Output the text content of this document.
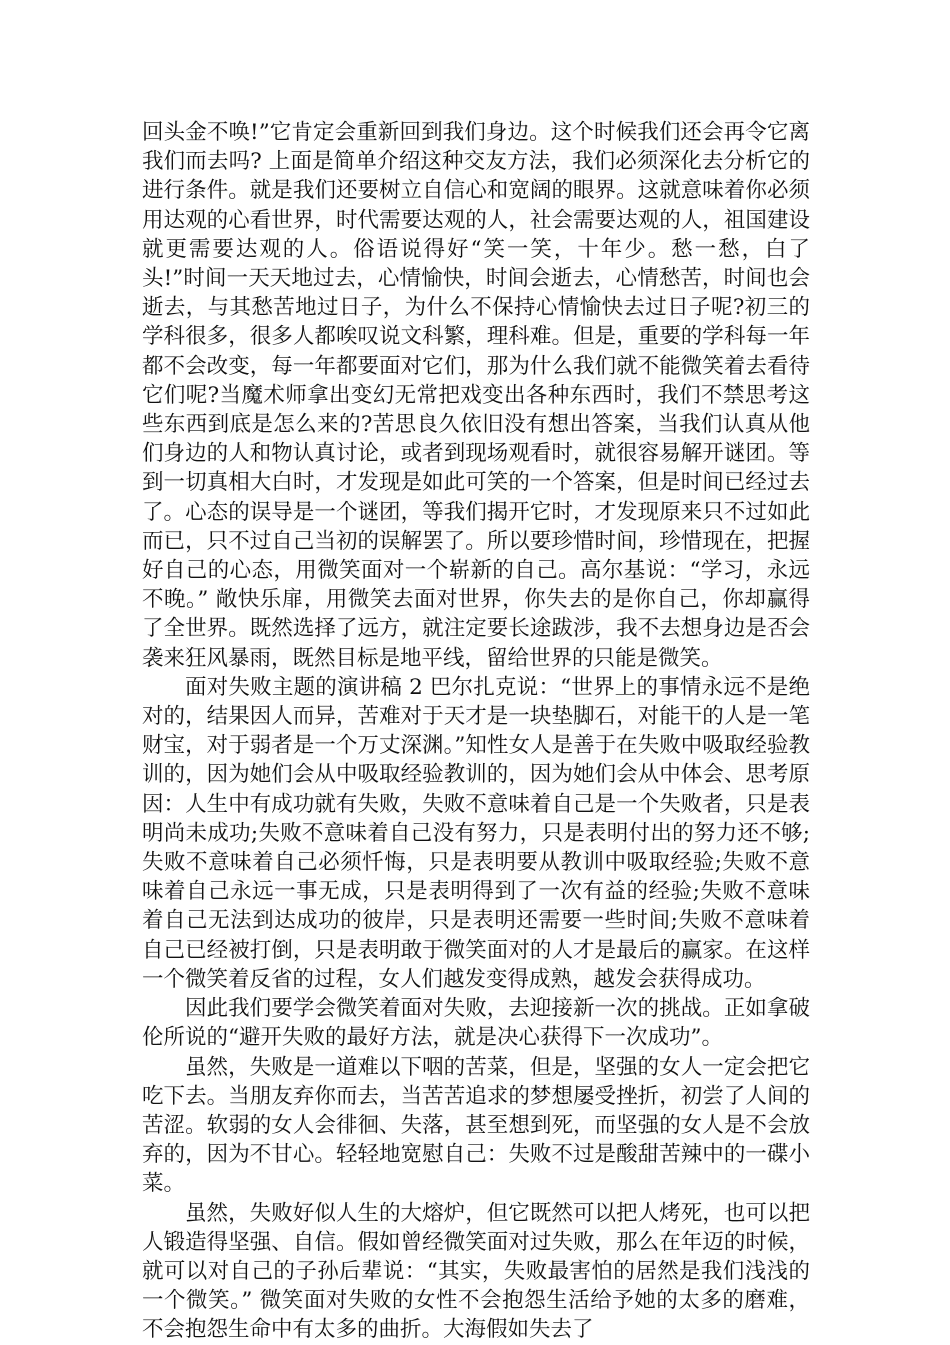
回头金不唤!”它肯定会重新回到我们身边。这个时候我们还会再令它离我们而去吗? 上面是简单介绍这种交友方法，我们必须深化去分析它的进行条件。就是我们还要树立自信心和宽阔的眼界。这就意味着你必须用达观的心看世界，时代需要达观的人，社会需要达观的人，祖国建设就更需要达观的人。俗语说得好“笑一笑，十年少。愁一愁，白了头!”时间一天天地过去，心情愉快，时间会逝去，心情愁苦，时间也会逝去，与其愁苦地过日子，为什么不保持心情愉快去过日子呢?初三的学科很多，很多人都唉叹说文科繁，理科难。但是，重要的学科每一年都不会改变，每一年都要面对它们，那为什么我们就不能微笑着去看待它们呢?当魔术师拿出变幻无常把戏变出各种东西时，我们不禁思考这些东西到底是怎么来的?苦思良久依旧没有想出答案，当我们认真从他们身边的人和物认真讨论，或者到现场观看时，就很容易解开谜团。等到一切真相大白时，才发现是如此可笑的一个答案，但是时间已经过去了。心态的误导是一个谜团，等我们揭开它时，才发现原来只不过如此而已，只不过自己当初的误解罢了。所以要珍惜时间，珍惜现在，把握好自己的心态，用微笑面对一个崭新的自己。高尔基说：“学习，永远不晚。” 敞快乐扉，用微笑去面对世界，你失去的是你自己，你却赢得了全世界。既然选择了远方，就注定要长途跋涉，我不去想身边是否会袭来狂风暴雨，既然目标是地平线，留给世界的只能是微笑。

面对失败主题的演讲稿 2 巴尔扎克说：“世界上的事情永远不是绝对的，结果因人而异，苦难对于天才是一块垫脚石，对能干的人是一笔财宝，对于弱者是一个万丈深渊。”知性女人是善于在失败中吸取经验教训的，因为她们会从中吸取经验教训的，因为她们会从中体会、思考原因：人生中有成功就有失败，失败不意味着自己是一个失败者，只是表明尚未成功;失败不意味着自己没有努力，只是表明付出的努力还不够;失败不意味着自己必须忏悔，只是表明要从教训中吸取经验;失败不意味着自己永远一事无成，只是表明得到了一次有益的经验;失败不意味着自己无法到达成功的彼岸，只是表明还需要一些时间;失败不意味着自己已经被打倒，只是表明敢于微笑面对的人才是最后的赢家。在这样一个微笑着反省的过程，女人们越发变得成熟，越发会获得成功。

因此我们要学会微笑着面对失败，去迎接新一次的挑战。正如拿破伦所说的“避开失败的最好方法，就是决心获得下一次成功”。

虽然，失败是一道难以下咽的苦菜，但是，坚强的女人一定会把它吃下去。当朋友弃你而去，当苦苦追求的梦想屡受挫折，初尝了人间的苦涩。软弱的女人会徘徊、失落，甚至想到死，而坚强的女人是不会放弃的，因为不甘心。轻轻地宽慰自己：失败不过是酸甜苦辣中的一碟小菜。

虽然，失败好似人生的大熔炉，但它既然可以把人烤死，也可以把人锻造得坚强、自信。假如曾经微笑面对过失败，那么在年迈的时候，就可以对自己的子孙后辈说：“其实，失败最害怕的居然是我们浅浅的一个微笑。” 微笑面对失败的女性不会抱怨生活给予她的太多的磨难，不会抱怨生命中有太多的曲折。大海假如失去了
